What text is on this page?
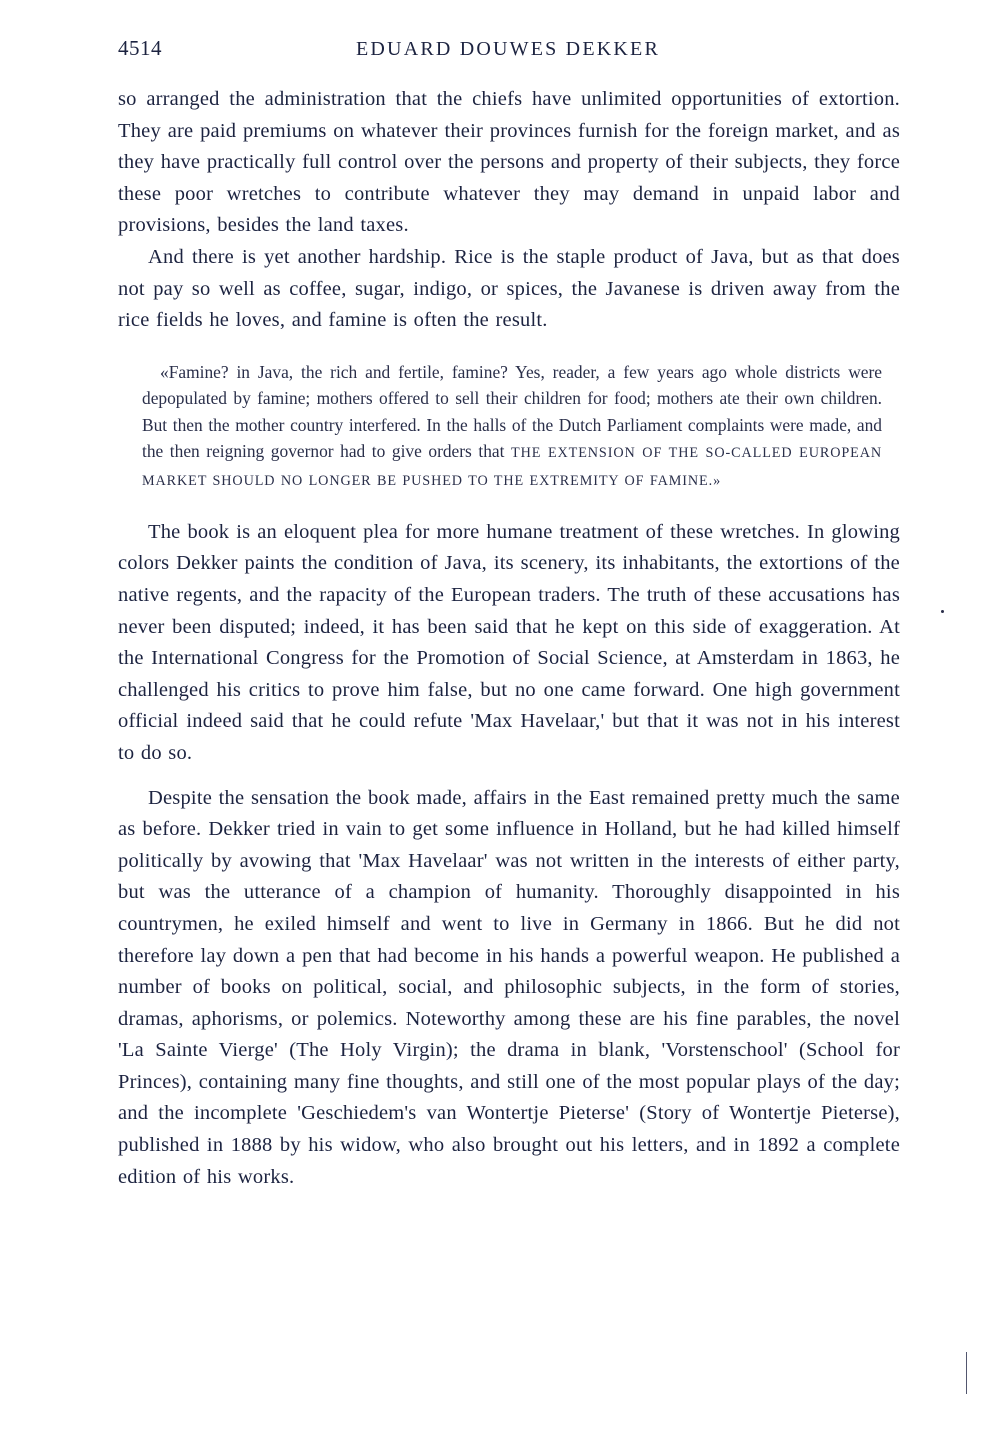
4514	EDUARD DOUWES DEKKER

so arranged the administration that the chiefs have unlimited opportunities of extortion. They are paid premiums on whatever their provinces furnish for the foreign market, and as they have practically full control over the persons and property of their subjects, they force these poor wretches to contribute whatever they may demand in unpaid labor and provisions, besides the land taxes.

And there is yet another hardship. Rice is the staple product of Java, but as that does not pay so well as coffee, sugar, indigo, or spices, the Javanese is driven away from the rice fields he loves, and famine is often the result.

«Famine? in Java, the rich and fertile, famine? Yes, reader, a few years ago whole districts were depopulated by famine; mothers offered to sell their children for food; mothers ate their own children. But then the mother country interfered. In the halls of the Dutch Parliament complaints were made, and the then reigning governor had to give orders that THE EXTENSION OF THE SO-CALLED EUROPEAN MARKET SHOULD NO LONGER BE PUSHED TO THE EXTREMITY OF FAMINE.»

The book is an eloquent plea for more humane treatment of these wretches. In glowing colors Dekker paints the condition of Java, its scenery, its inhabitants, the extortions of the native regents, and the rapacity of the European traders. The truth of these accusations has never been disputed; indeed, it has been said that he kept on this side of exaggeration. At the International Congress for the Promotion of Social Science, at Amsterdam in 1863, he challenged his critics to prove him false, but no one came forward. One high government official indeed said that he could refute 'Max Havelaar,' but that it was not in his interest to do so.

Despite the sensation the book made, affairs in the East remained pretty much the same as before. Dekker tried in vain to get some influence in Holland, but he had killed himself politically by avowing that 'Max Havelaar' was not written in the interests of either party, but was the utterance of a champion of humanity. Thoroughly disappointed in his countrymen, he exiled himself and went to live in Germany in 1866. But he did not therefore lay down a pen that had become in his hands a powerful weapon. He published a number of books on political, social, and philosophic subjects, in the form of stories, dramas, aphorisms, or polemics. Noteworthy among these are his fine parables, the novel 'La Sainte Vierge' (The Holy Virgin); the drama in blank, 'Vorstenschool' (School for Princes), containing many fine thoughts, and still one of the most popular plays of the day; and the incomplete 'Geschiedem's van Wontertje Pieterse' (Story of Wontertje Pieterse), published in 1888 by his widow, who also brought out his letters, and in 1892 a complete edition of his works.
